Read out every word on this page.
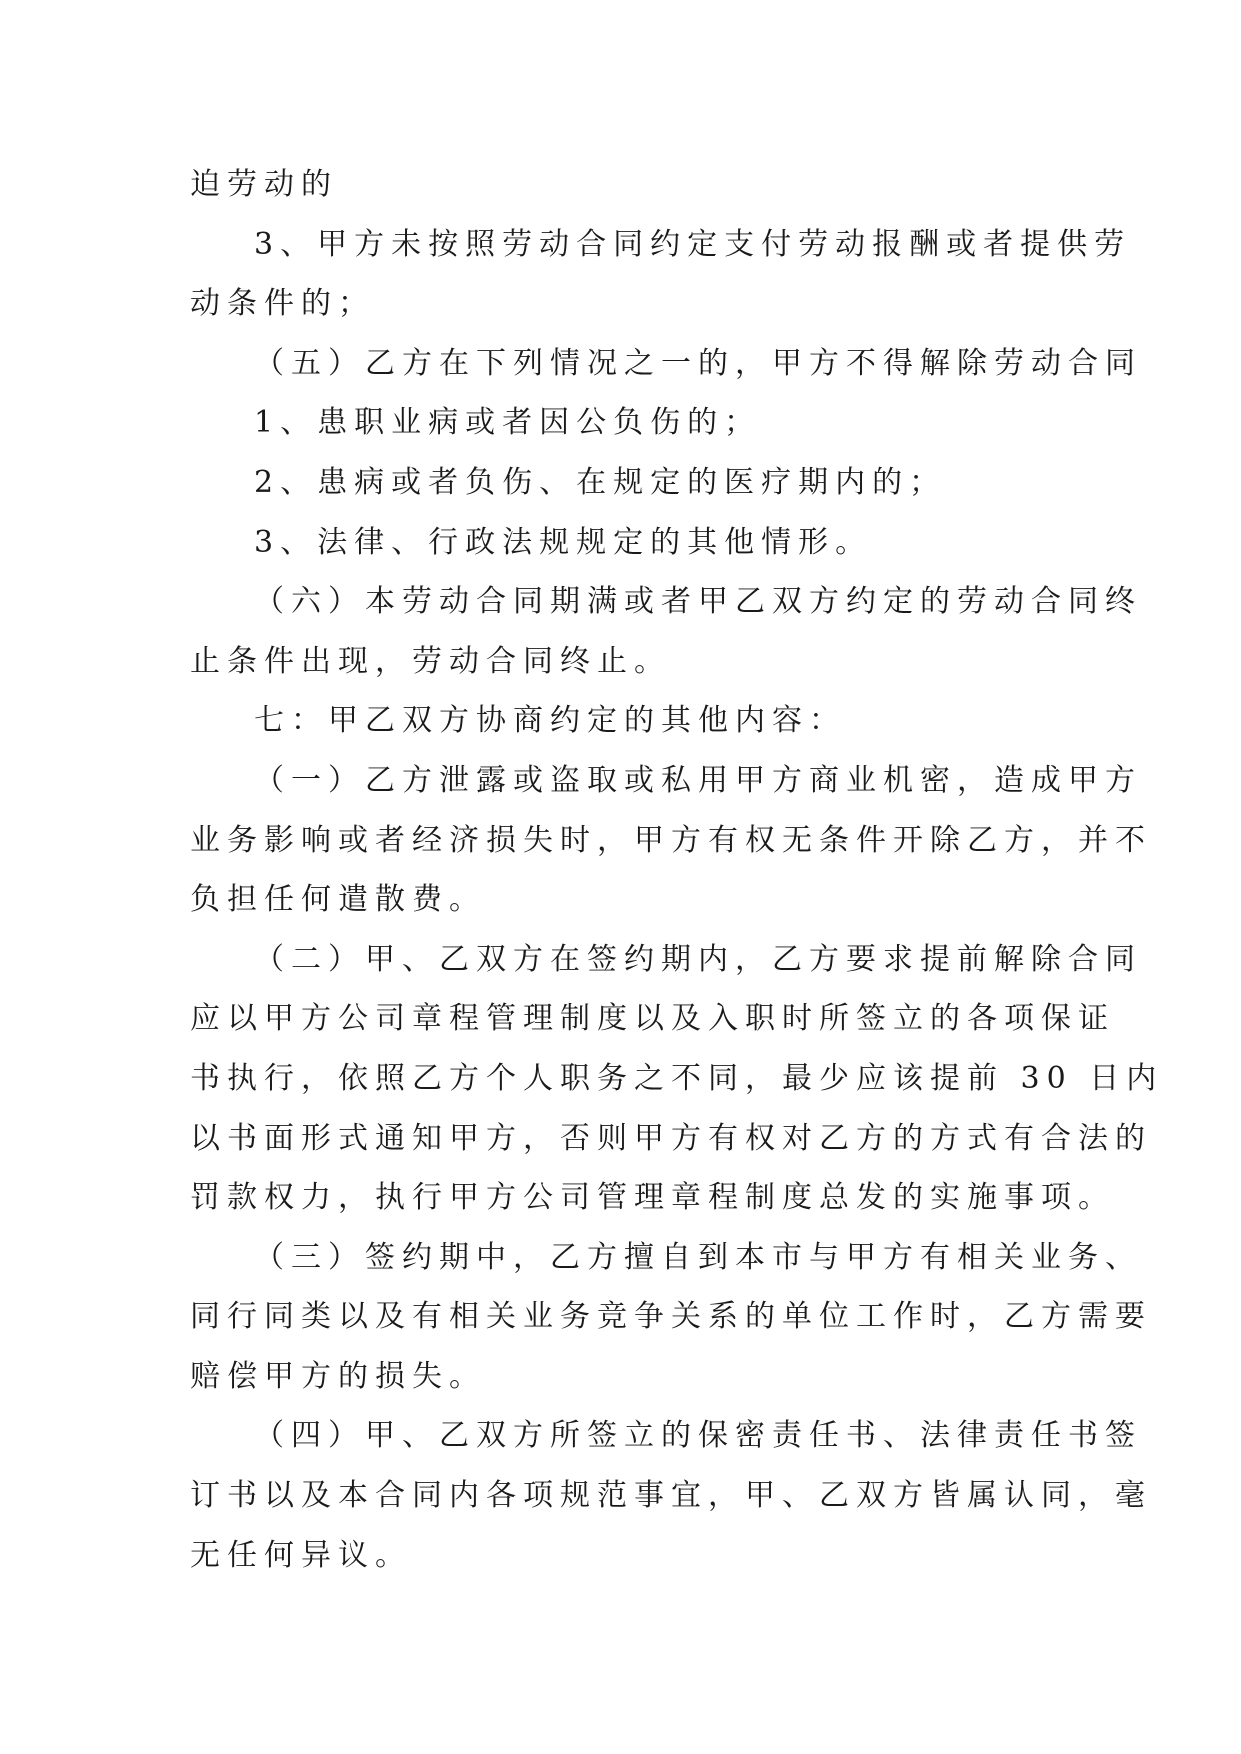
迫劳动的
3、甲方未按照劳动合同约定支付劳动报酬或者提供劳
动条件的；
（五）乙方在下列情况之一的，甲方不得解除劳动合同
1、患职业病或者因公负伤的；
2、患病或者负伤、在规定的医疗期内的；
3、法律、行政法规规定的其他情形。
（六）本劳动合同期满或者甲乙双方约定的劳动合同终
止条件出现，劳动合同终止。
七：甲乙双方协商约定的其他内容：
（一）乙方泄露或盗取或私用甲方商业机密，造成甲方
业务影响或者经济损失时，甲方有权无条件开除乙方，并不
负担任何遣散费。
（二）甲、乙双方在签约期内，乙方要求提前解除合同
应以甲方公司章程管理制度以及入职时所签立的各项保证
书执行，依照乙方个人职务之不同，最少应该提前 30 日内
以书面形式通知甲方，否则甲方有权对乙方的方式有合法的
罚款权力，执行甲方公司管理章程制度总发的实施事项。
（三）签约期中，乙方擅自到本市与甲方有相关业务、
同行同类以及有相关业务竞争关系的单位工作时，乙方需要
赔偿甲方的损失。
（四）甲、乙双方所签立的保密责任书、法律责任书签
订书以及本合同内各项规范事宜，甲、乙双方皆属认同，毫
无任何异议。
